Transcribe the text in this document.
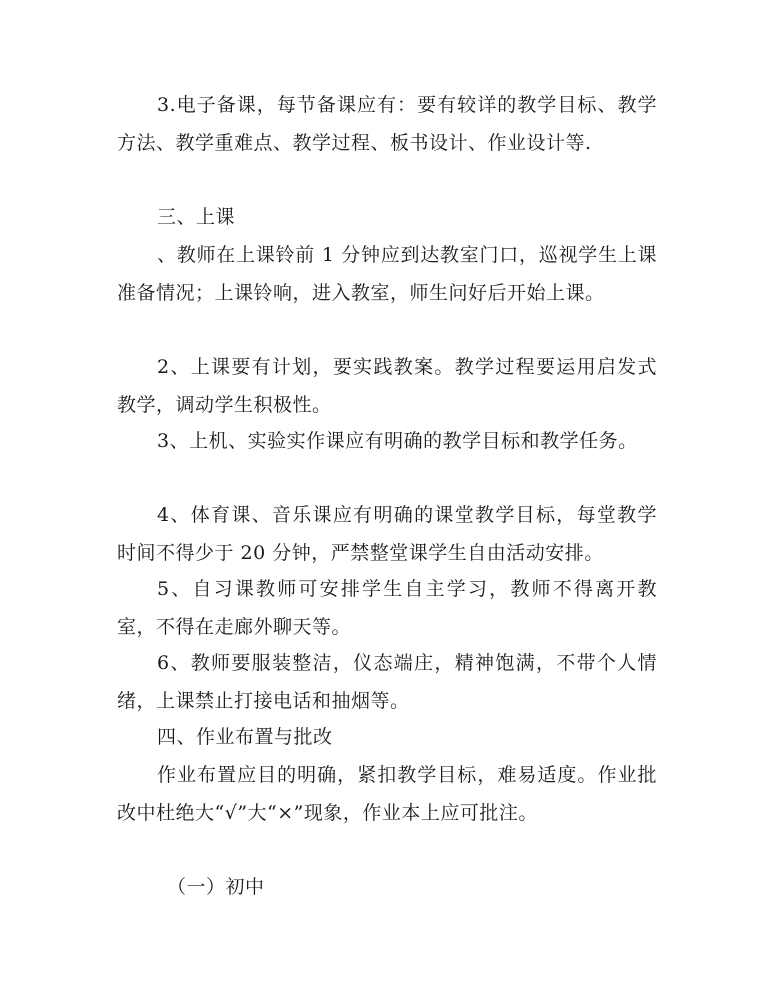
3.电子备课，每节备课应有：要有较详的教学目标、教学方法、教学重难点、教学过程、板书设计、作业设计等.

三、上课

、教师在上课铃前 1 分钟应到达教室门口，巡视学生上课准备情况；上课铃响，进入教室，师生问好后开始上课。

2、上课要有计划，要实践教案。教学过程要运用启发式教学，调动学生积极性。

3、上机、实验实作课应有明确的教学目标和教学任务。

4、体育课、音乐课应有明确的课堂教学目标，每堂教学时间不得少于 20 分钟，严禁整堂课学生自由活动安排。

5、自习课教师可安排学生自主学习，教师不得离开教室，不得在走廊外聊天等。

6、教师要服装整洁，仪态端庄，精神饱满，不带个人情绪，上课禁止打接电话和抽烟等。

四、作业布置与批改

作业布置应目的明确，紧扣教学目标，难易适度。作业批改中杜绝大“√”大“×”现象，作业本上应可批注。

（一）初中
